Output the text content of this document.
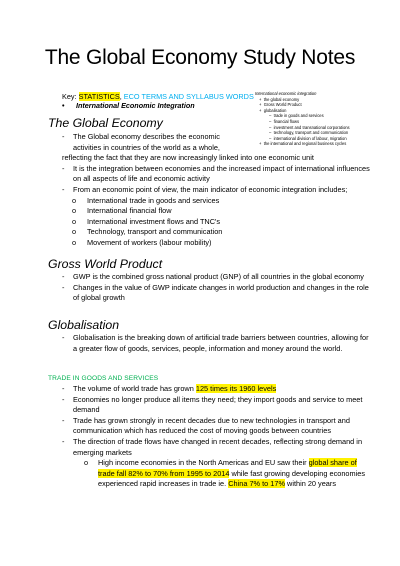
The Global Economy Study Notes
Key: STATISTICS, ECO TERMS AND SYLLABUS WORDS
• International Economic Integration
International economic integration
+ the global economy
+ Gross World Product
+ globalisation
– trade in goods and services
– financial flows
– investment and transnational corporations
– technology, transport and communication
– international division of labour, migration
+ the international and regional business cycles
The Global Economy
- The Global economy describes the economic
activities in countries of the world as a whole,
reflecting the fact that they are now increasingly linked into one economic unit
- It is the integration between economies and the increased impact of international influences on all aspects of life and economic activity
- From an economic point of view, the main indicator of economic integration includes;
o International trade in goods and services
o International financial flow
o International investment flows and TNC's
o Technology, transport and communication
o Movement of workers (labour mobility)
Gross World Product
- GWP is the combined gross national product (GNP) of all countries in the global economy
- Changes in the value of GWP indicate changes in world production and changes in the role of global growth
Globalisation
- Globalisation is the breaking down of artificial trade barriers between countries, allowing for a greater flow of goods, services, people, information and money around the world.
TRADE IN GOODS AND SERVICES
- The volume of world trade has grown 125 times its 1960 levels
- Economies no longer produce all items they need; they import goods and service to meet demand
- Trade has grown strongly in recent decades due to new technologies in transport and communication which has reduced the cost of moving goods between countries
- The direction of trade flows have changed in recent decades, reflecting strong demand in emerging markets
o High income economies in the North Americas and EU saw their global share of trade fall 82% to 70% from 1995 to 2014 while fast growing developing economies experienced rapid increases in trade ie. China 7% to 17% within 20 years
